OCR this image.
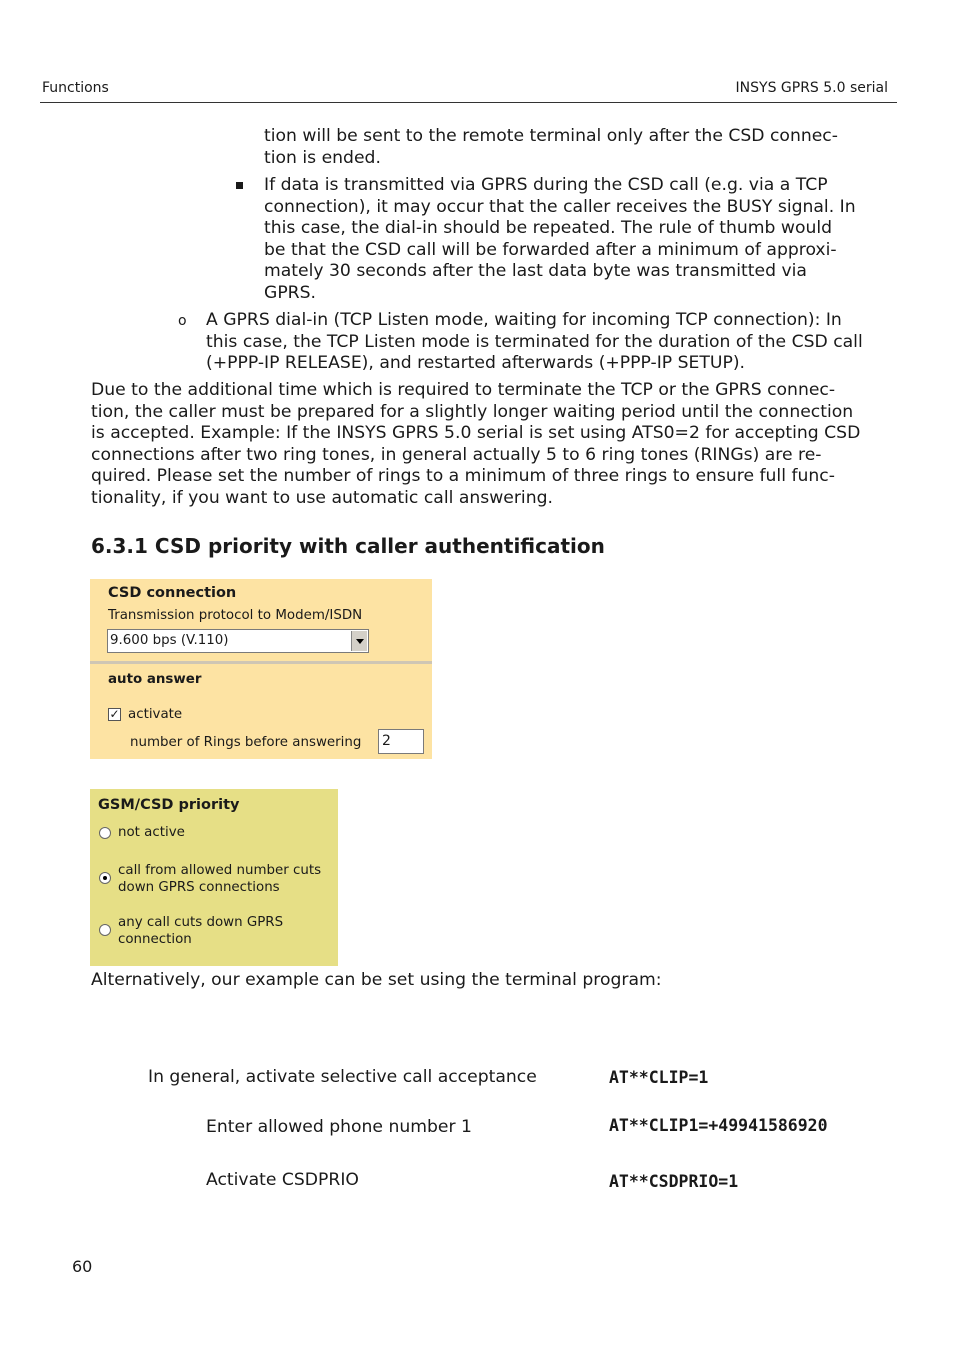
Functions	INSYS GPRS 5.0 serial
tion will be sent to the remote terminal only after the CSD connec-
tion is ended.
If data is transmitted via GPRS during the CSD call (e.g. via a TCP
connection), it may occur that the caller receives the BUSY signal. In
this case, the dial-in should be repeated. The rule of thumb would
be that the CSD call will be forwarded after a minimum of approxi-
mately 30 seconds after the last data byte was transmitted via
GPRS.
o A GPRS dial-in (TCP Listen mode, waiting for incoming TCP connection): In
this case, the TCP Listen mode is terminated for the duration of the CSD call
(+PPP-IP RELEASE), and restarted afterwards (+PPP-IP SETUP).
Due to the additional time which is required to terminate the TCP or the GPRS connec-
tion, the caller must be prepared for a slightly longer waiting period until the connection
is accepted. Example: If the INSYS GPRS 5.0 serial is set using ATS0=2 for accepting CSD
connections after two ring tones, in general actually 5 to 6 ring tones (RINGs) are re-
quired. Please set the number of rings to a minimum of three rings to ensure full func-
tionality, if you want to use automatic call answering.
6.3.1 CSD priority with caller authentification
CSD connection
Transmission protocol to Modem/ISDN
9.600 bps (V.110)
auto answer
✓ activate
number of Rings before answering 2
GSM/CSD priority
not active
call from allowed number cuts
down GPRS connections
any call cuts down GPRS
connection
Alternatively, our example can be set using the terminal program:
In general, activate selective call acceptance	AT**CLIP=1
Enter allowed phone number 1	AT**CLIP1=+49941586920
Activate CSDPRIO	AT**CSDPRIO=1
60
